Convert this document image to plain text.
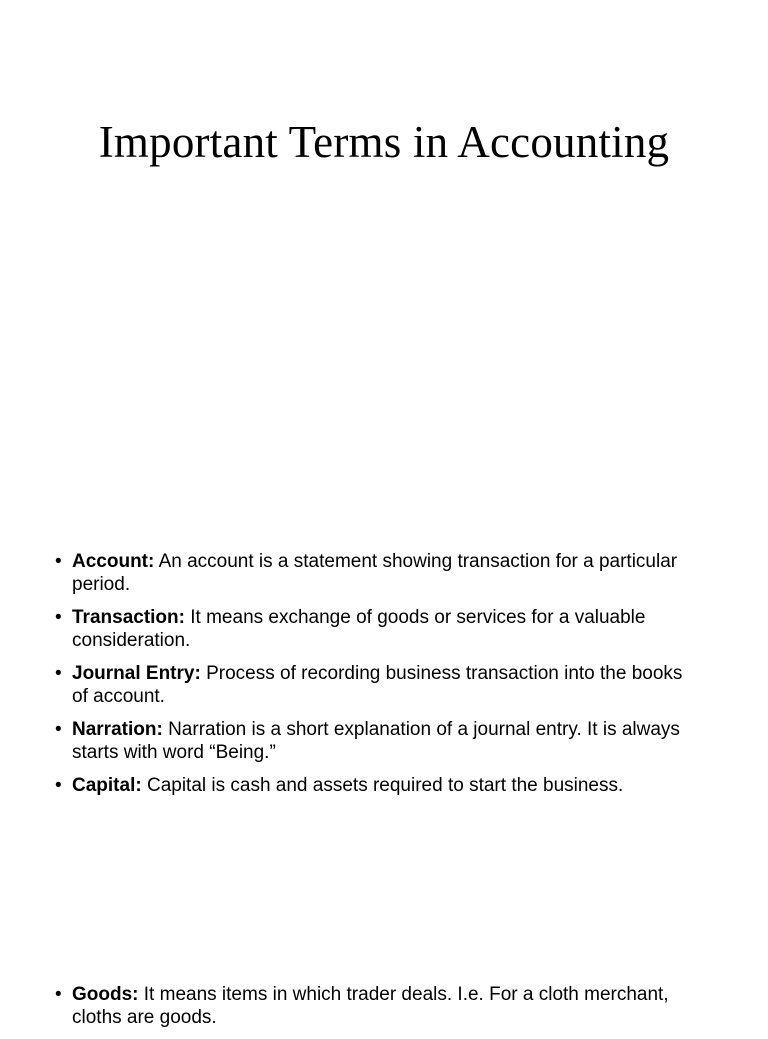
Important Terms in Accounting
• Account: An account is a statement showing transaction for a particular period.
• Transaction: It means exchange of goods or services for a valuable consideration.
• Journal Entry: Process of recording business transaction into the books of account.
• Narration: Narration is a short explanation of a journal entry. It is always starts with word “Being.”
• Capital: Capital is cash and assets required to start the business.
• Goods: It means items in which trader deals. I.e. For a cloth merchant, cloths are goods.
